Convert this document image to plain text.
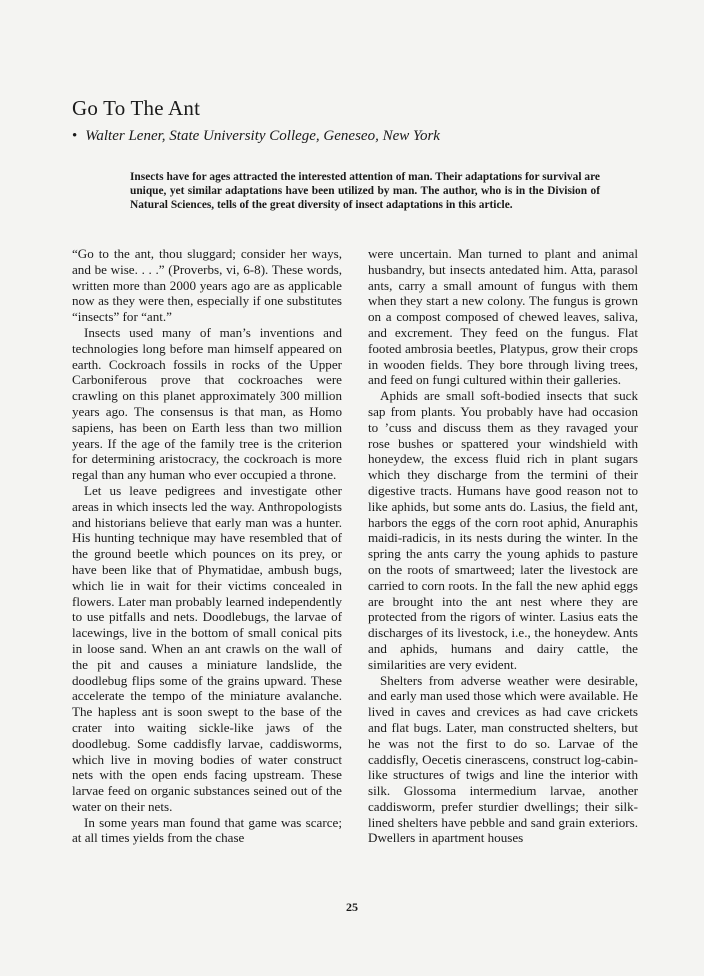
Go To The Ant
• Walter Lener, State University College, Geneseo, New York
Insects have for ages attracted the interested attention of man. Their adaptations for survival are unique, yet similar adaptations have been utilized by man. The author, who is in the Division of Natural Sciences, tells of the great diversity of insect adaptations in this article.

“Go to the ant, thou sluggard; consider her ways, and be wise. . . .” (Proverbs, vi, 6-8). These words, written more than 2000 years ago are as applicable now as they were then, especially if one substitutes “insects” for “ant.”

Insects used many of man’s inventions and technologies long before man himself appeared on earth. Cockroach fossils in rocks of the Upper Carboniferous prove that cockroaches were crawling on this planet approximately 300 million years ago. The consensus is that man, as Homo sapiens, has been on Earth less than two million years. If the age of the family tree is the criterion for determining aristocracy, the cockroach is more regal than any human who ever occupied a throne.

Let us leave pedigrees and investigate other areas in which insects led the way. Anthropologists and historians believe that early man was a hunter. His hunting technique may have resembled that of the ground beetle which pounces on its prey, or have been like that of Phymatidae, ambush bugs, which lie in wait for their victims concealed in flowers. Later man probably learned independently to use pitfalls and nets. Doodlebugs, the larvae of lacewings, live in the bottom of small conical pits in loose sand. When an ant crawls on the wall of the pit and causes a miniature landslide, the doodlebug flips some of the grains upward. These accelerate the tempo of the miniature avalanche. The hapless ant is soon swept to the base of the crater into waiting sickle-like jaws of the doodlebug. Some caddisfly larvae, caddisworms, which live in moving bodies of water construct nets with the open ends facing upstream. These larvae feed on organic substances seined out of the water on their nets.

In some years man found that game was scarce; at all times yields from the chase

were uncertain. Man turned to plant and animal husbandry, but insects antedated him. Atta, parasol ants, carry a small amount of fungus with them when they start a new colony. The fungus is grown on a compost composed of chewed leaves, saliva, and excrement. They feed on the fungus. Flat footed ambrosia beetles, Platypus, grow their crops in wooden fields. They bore through living trees, and feed on fungi cultured within their galleries.

Aphids are small soft-bodied insects that suck sap from plants. You probably have had occasion to ’cuss and discuss them as they ravaged your rose bushes or spattered your windshield with honeydew, the excess fluid rich in plant sugars which they discharge from the termini of their digestive tracts. Humans have good reason not to like aphids, but some ants do. Lasius, the field ant, harbors the eggs of the corn root aphid, Anuraphis maidi-radicis, in its nests during the winter. In the spring the ants carry the young aphids to pasture on the roots of smartweed; later the livestock are carried to corn roots. In the fall the new aphid eggs are brought into the ant nest where they are protected from the rigors of winter. Lasius eats the discharges of its livestock, i.e., the honeydew. Ants and aphids, humans and dairy cattle, the similarities are very evident.

Shelters from adverse weather were desirable, and early man used those which were available. He lived in caves and crevices as had cave crickets and flat bugs. Later, man constructed shelters, but he was not the first to do so. Larvae of the caddisfly, Oecetis cinerascens, construct log-cabin-like structures of twigs and line the interior with silk. Glossoma intermedium larvae, another caddisworm, prefer sturdier dwellings; their silk-lined shelters have pebble and sand grain exteriors. Dwellers in apartment houses

25
